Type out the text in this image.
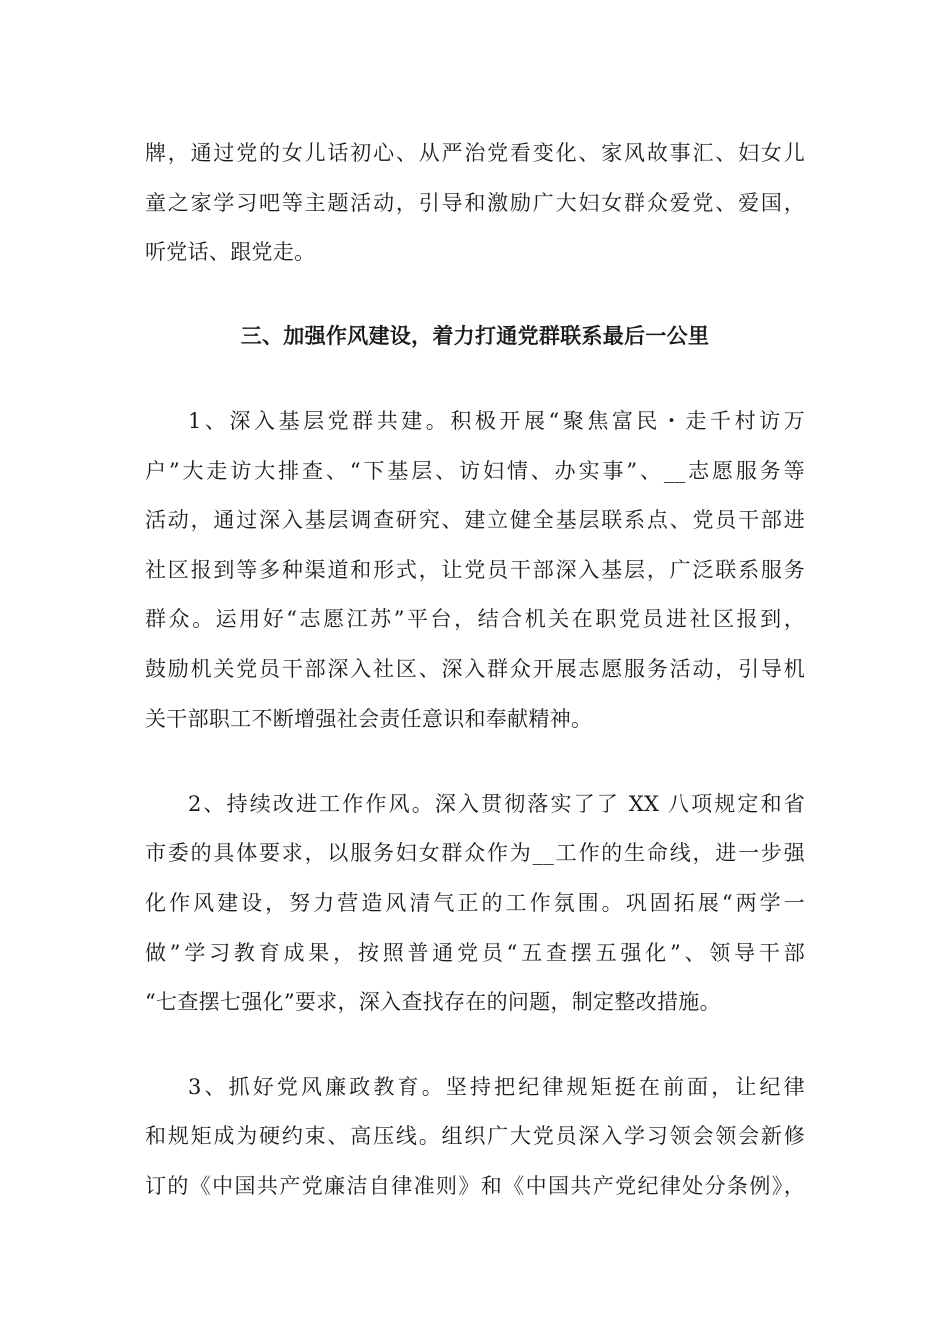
牌，通过党的女儿话初心、从严治党看变化、家风故事汇、妇女儿
童之家学习吧等主题活动，引导和激励广大妇女群众爱党、爱国，
听党话、跟党走。
三、加强作风建设，着力打通党群联系最后一公里
1、深入基层党群共建。积极开展“聚焦富民・走千村访万
户”大走访大排查、“下基层、访妇情、办实事”、__志愿服务等
活动，通过深入基层调查研究、建立健全基层联系点、党员干部进
社区报到等多种渠道和形式，让党员干部深入基层，广泛联系服务
群众。运用好“志愿江苏”平台，结合机关在职党员进社区报到，
鼓励机关党员干部深入社区、深入群众开展志愿服务活动，引导机
关干部职工不断增强社会责任意识和奉献精神。
2、持续改进工作作风。深入贯彻落实了了 XX 八项规定和省
市委的具体要求，以服务妇女群众作为__工作的生命线，进一步强
化作风建设，努力营造风清气正的工作氛围。巩固拓展“两学一
做”学习教育成果，按照普通党员“五查摆五强化”、领导干部
“七查摆七强化”要求，深入查找存在的问题，制定整改措施。
3、抓好党风廉政教育。坚持把纪律规矩挺在前面，让纪律
和规矩成为硬约束、高压线。组织广大党员深入学习领会领会新修
订的《中国共产党廉洁自律准则》和《中国共产党纪律处分条例》，
